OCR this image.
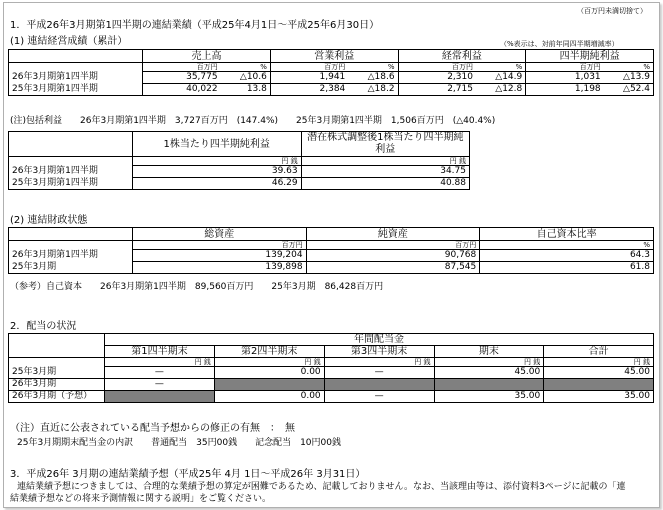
（百万円未満切捨て）
1．平成26年3月期第1四半期の連結業績（平成25年4月1日～平成25年6月30日）
(1) 連結経営成績（累計）	（%表示は、対前年同四半期増減率）
	売上高		営業利益		経常利益		四半期純利益	
	百万円	%	百万円	%	百万円	%	百万円	%
26年3月期第1四半期	35,775	△10.6	1,941	△18.6	2,310	△14.9	1,031	△13.9
25年3月期第1四半期	40,022	13.8	2,384	△18.2	2,715	△12.8	1,198	△52.4
(注)包括利益　　26年3月期第1四半期　3,727百万円　(147.4%)　　25年3月期第1四半期　1,506百万円　(△40.4%)
	1株当たり四半期純利益	潜在株式調整後1株当たり四半期純利益
	円 銭	円 銭
26年3月期第1四半期	39.63	34.75
25年3月期第1四半期	46.29	40.88
(2) 連結財政状態
	総資産	純資産	自己資本比率
	百万円	百万円	%
26年3月期第1四半期	139,204	90,768	64.3
25年3月期	139,898	87,545	61.8
（参考）自己資本　　26年3月期第1四半期　89,560百万円　　25年3月期　86,428百万円
2．配当の状況
	年間配当金				
	第1四半期末	第2四半期末	第3四半期末	期末	合計
	円 銭	円 銭	円 銭	円 銭	円 銭
25年3月期	—	0.00	—	45.00	45.00
26年3月期	—				
26年3月期（予想）		0.00	—	35.00	35.00
（注）直近に公表されている配当予想からの修正の有無　：　無
25年3月期期末配当金の内訳　　普通配当　35円00銭　　記念配当　10円00銭
3．平成26年 3月期の連結業績予想（平成25年 4月 1日～平成26年 3月31日）
連結業績予想につきましては、合理的な業績予想の算定が困難であるため、記載しておりません。なお、当該理由等は、添付資料3ページに記載の「連
結業績予想などの将来予測情報に関する説明」をご覧ください。
